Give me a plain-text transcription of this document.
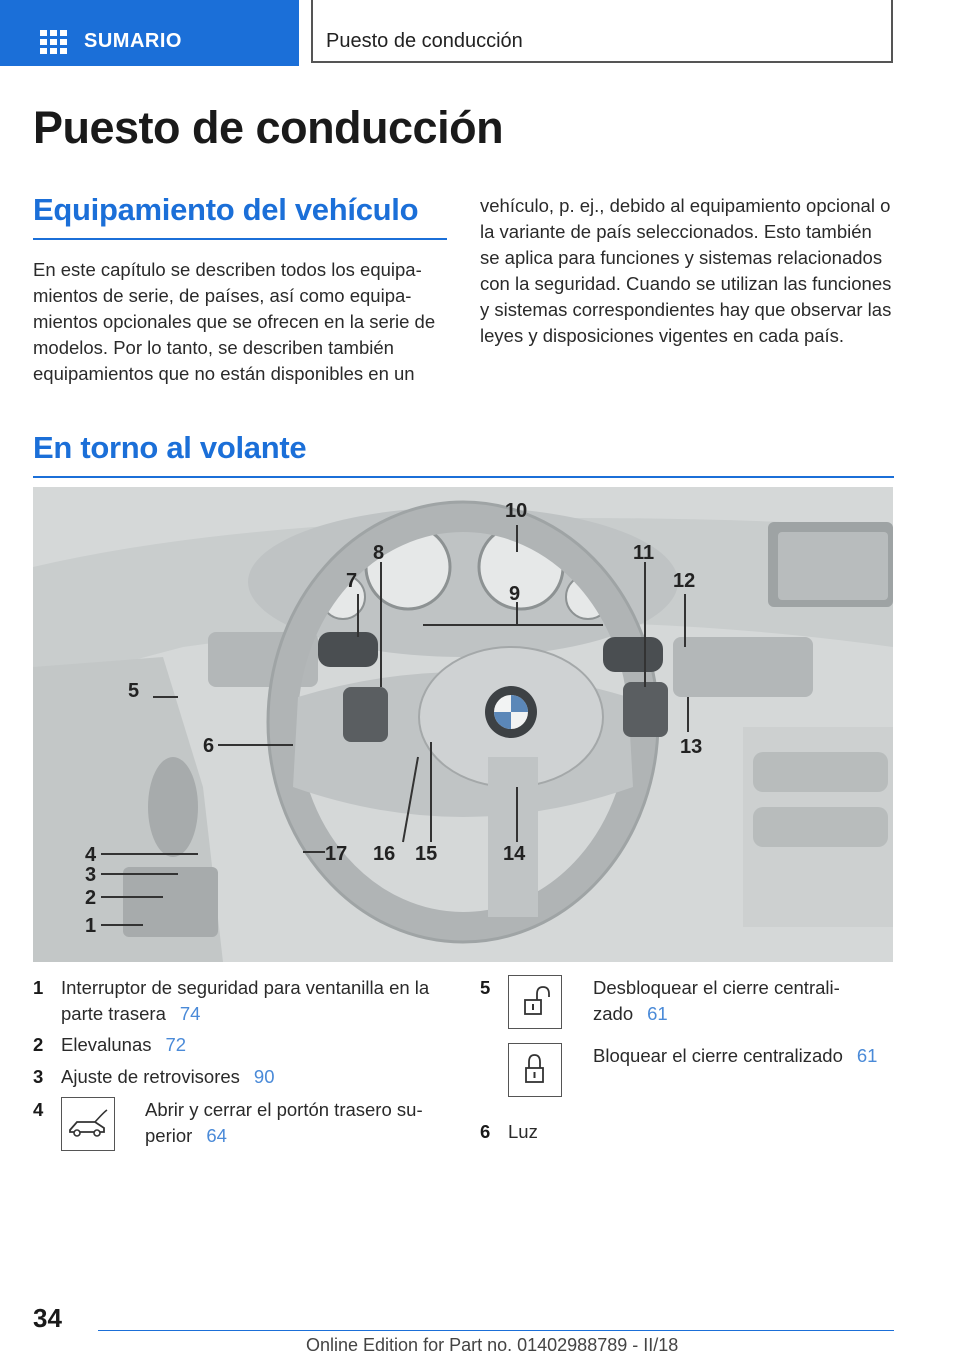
SUMARIO	Puesto de conducción
Puesto de conducción
Equipamiento del vehículo
En este capítulo se describen todos los equipamientos de serie, de países, así como equipamientos opcionales que se ofrecen en la serie de modelos. Por lo tanto, se describen también equipamientos que no están disponibles en un
vehículo, p. ej., debido al equipamiento opcional o la variante de país seleccionados. Esto también se aplica para funciones y sistemas relacionados con la seguridad. Cuando se utilizan las funciones y sistemas correspondientes hay que observar las leyes y disposiciones vigentes en cada país.
En torno al volante
10
9
8
7
11
12
5
6	13
14
15
16
17
4
3
2
1
1 Interruptor de seguridad para ventanilla en la parte trasera 74
2 Elevalunas 72
3 Ajuste de retrovisores 90
4	Abrir y cerrar el portón trasero superior 64
5	Desbloquear el cierre centralizado 61
Bloquear el cierre centralizado 61
6 Luz
34
Online Edition for Part no. 01402988789 - II/18
